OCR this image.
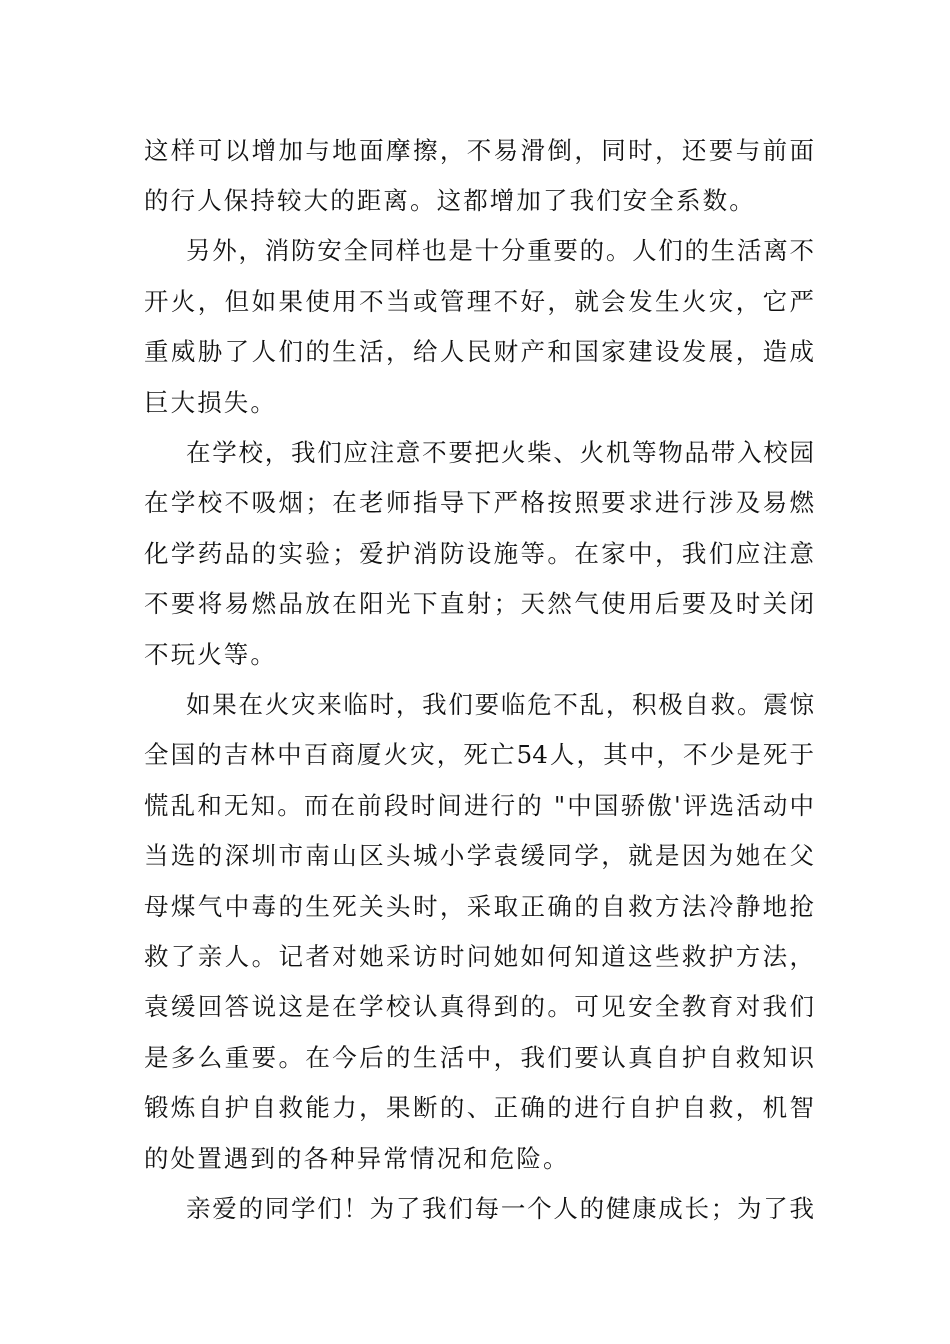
这样可以增加与地面摩擦，不易滑倒，同时，还要与前面
的行人保持较大的距离。这都增加了我们安全系数。
另外，消防安全同样也是十分重要的。人们的生活离不
开火，但如果使用不当或管理不好，就会发生火灾，它严
重威胁了人们的生活，给人民财产和国家建设发展，造成
巨大损失。
在学校，我们应注意不要把火柴、火机等物品带入校园
在学校不吸烟；在老师指导下严格按照要求进行涉及易燃
化学药品的实验；爱护消防设施等。在家中，我们应注意
不要将易燃品放在阳光下直射；天然气使用后要及时关闭
不玩火等。
如果在火灾来临时，我们要临危不乱，积极自救。震惊
全国的吉林中百商厦火灾，死亡54人，其中，不少是死于
慌乱和无知。而在前段时间进行的 "中国骄傲'评选活动中
当选的深圳市南山区头城小学袁缓同学，就是因为她在父
母煤气中毒的生死关头时，采取正确的自救方法冷静地抢
救了亲人。记者对她采访时问她如何知道这些救护方法，
袁缓回答说这是在学校认真得到的。可见安全教育对我们
是多么重要。在今后的生活中，我们要认真自护自救知识
锻炼自护自救能力，果断的、正确的进行自护自救，机智
的处置遇到的各种异常情况和危险。
亲爱的同学们！为了我们每一个人的健康成长；为了我
